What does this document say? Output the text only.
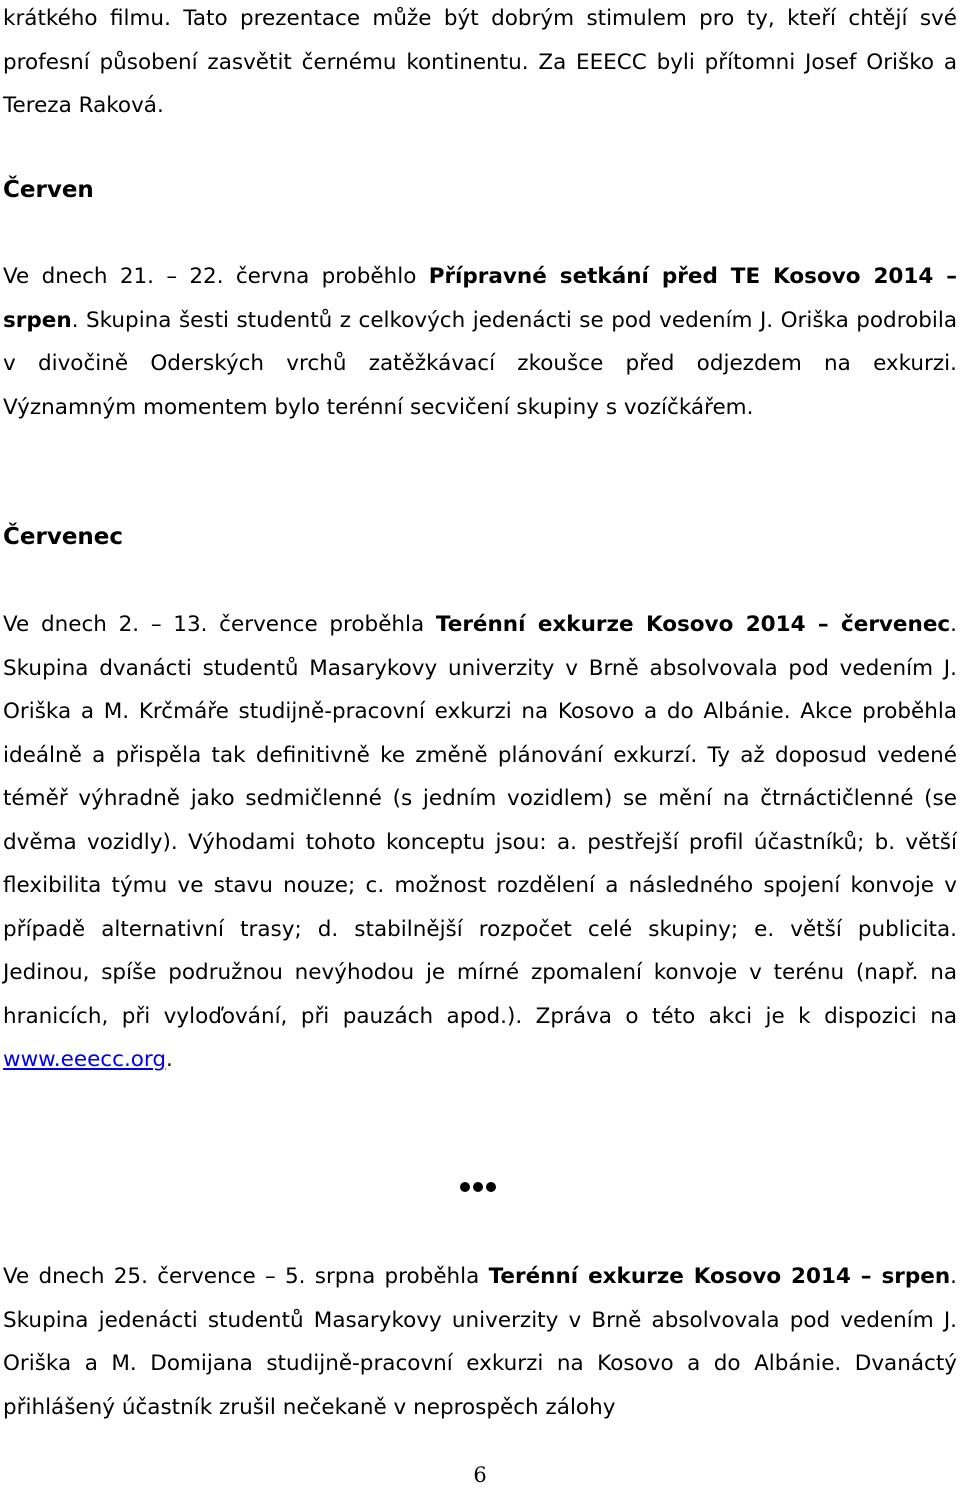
krátkého filmu. Tato prezentace může být dobrým stimulem pro ty, kteří chtějí své profesní působení zasvětit černému kontinentu. Za EEECC byli přítomni Josef Oriško a Tereza Raková.

Červen

Ve dnech 21. – 22. června proběhlo Přípravné setkání před TE Kosovo 2014 – srpen. Skupina šesti studentů z celkových jedenácti se pod vedením J. Oriška podrobila v divočině Oderských vrchů zatěžkávací zkoušce před odjezdem na exkurzi. Významným momentem bylo terénní secvičení skupiny s vozíčkářem.

Červenec

Ve dnech 2. – 13. července proběhla Terénní exkurze Kosovo 2014 – červenec. Skupina dvanácti studentů Masarykovy univerzity v Brně absolvovala pod vedením J. Oriška a M. Krčmáře studijně-pracovní exkurzi na Kosovo a do Albánie. Akce proběhla ideálně a přispěla tak definitivně ke změně plánování exkurzí. Ty až doposud vedené téměř výhradně jako sedmičlenné (s jedním vozidlem) se mění na čtrnáctičlenné (se dvěma vozidly). Výhodami tohoto konceptu jsou: a. pestřejší profil účastníků; b. větší flexibilita týmu ve stavu nouze; c. možnost rozdělení a následného spojení konvoje v případě alternativní trasy; d. stabilnější rozpočet celé skupiny; e. větší publicita. Jedinou, spíše podružnou nevýhodou je mírné zpomalení konvoje v terénu (např. na hranicích, při vyloďování, při pauzách apod.). Zpráva o této akci je k dispozici na www.eeecc.org.

Ve dnech 25. července – 5. srpna proběhla Terénní exkurze Kosovo 2014 – srpen. Skupina jedenácti studentů Masarykovy univerzity v Brně absolvovala pod vedením J. Oriška a M. Domijana studijně-pracovní exkurzi na Kosovo a do Albánie. Dvanáctý přihlášený účastník zrušil nečekaně v neprospěch zálohy

6
